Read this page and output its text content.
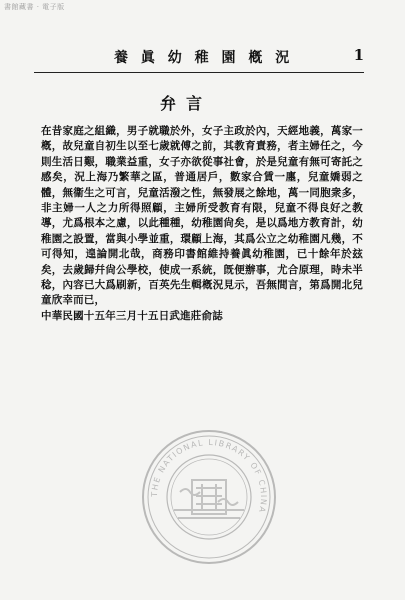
書館藏書 · 電子版
養 眞 幼 稚 園 槪 況	1
弁言

在昔家庭之組織，男子就職於外，女子主政於內，天經地義，萬家一槪，故兒童自初生以至七歲就傅之前，其教育責務，者主婦任之，今則生活日艱，職業益重，女子亦欲從事社會，於是兒童有無可寄託之感矣，況上海乃繁華之區，普通居戶，數家合賃一廛，兒童嬌弱之體，無衞生之可言，兒童活潑之性，無發展之餘地，萬一同胞衆多，非主婦一人之力所得照顧，主婦所受教育有限，兒童不得良好之教導，尤爲根本之慮，以此種種，幼稚園尙矣，是以爲地方教育計，幼稚園之設置，當與小學並重，環顧上海，其爲公立之幼稚園凡幾，不可得知，遑論開北哉，商務印書館維持養眞幼稚園，已十餘年於玆矣，去歲歸幷尙公學校，使成一系統，旣便辦事，尤合原理，時未半稔，內容已大爲刷新，百英先生輯槪況見示，吾無間言，第爲開北兒童欣幸而已，

中華民國十五年三月十五日武進莊俞誌

THE NATIONAL LIBRARY OF CHINA
